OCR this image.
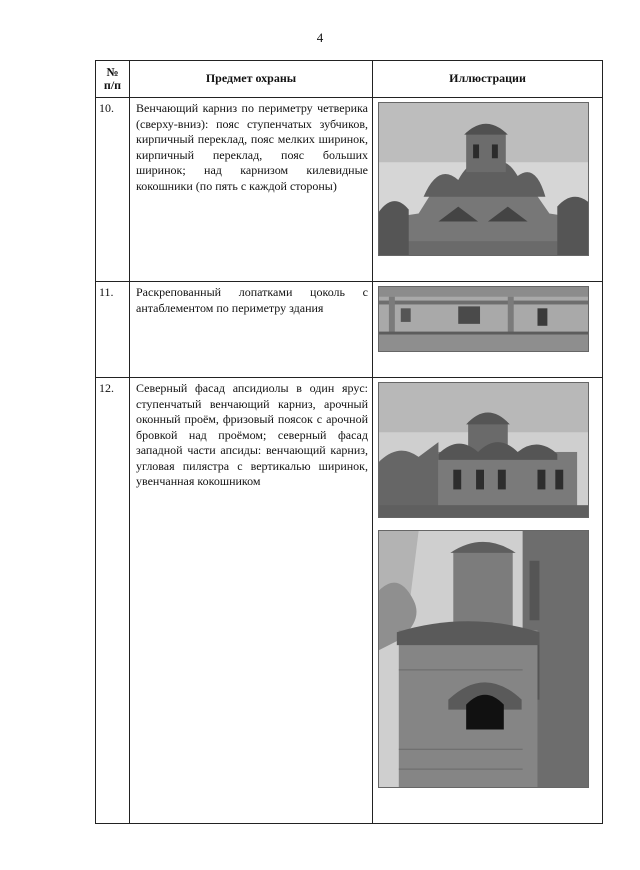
4
№
п/п	Предмет охраны	Иллюстрации
10.	Венчающий карниз по периметру четверика (сверху-вниз): пояс ступенчатых зубчиков, кирпичный переклад, пояс мелких ширинок, кирпичный переклад, пояс больших ширинок; над карнизом килевидные кокошники (по пять с каждой стороны)	

11.	Раскрепованный лопатками цоколь с антаблементом по периметру здания	

12.	Северный фасад апсидиолы в один ярус: ступенчатый венчающий карниз, арочный оконный проём, фризовый поясок с арочной бровкой над проёмом; северный фасад западной части апсиды: венчающий карниз, угловая пилястра с вертикалью ширинок, увенчанная кокошником	
